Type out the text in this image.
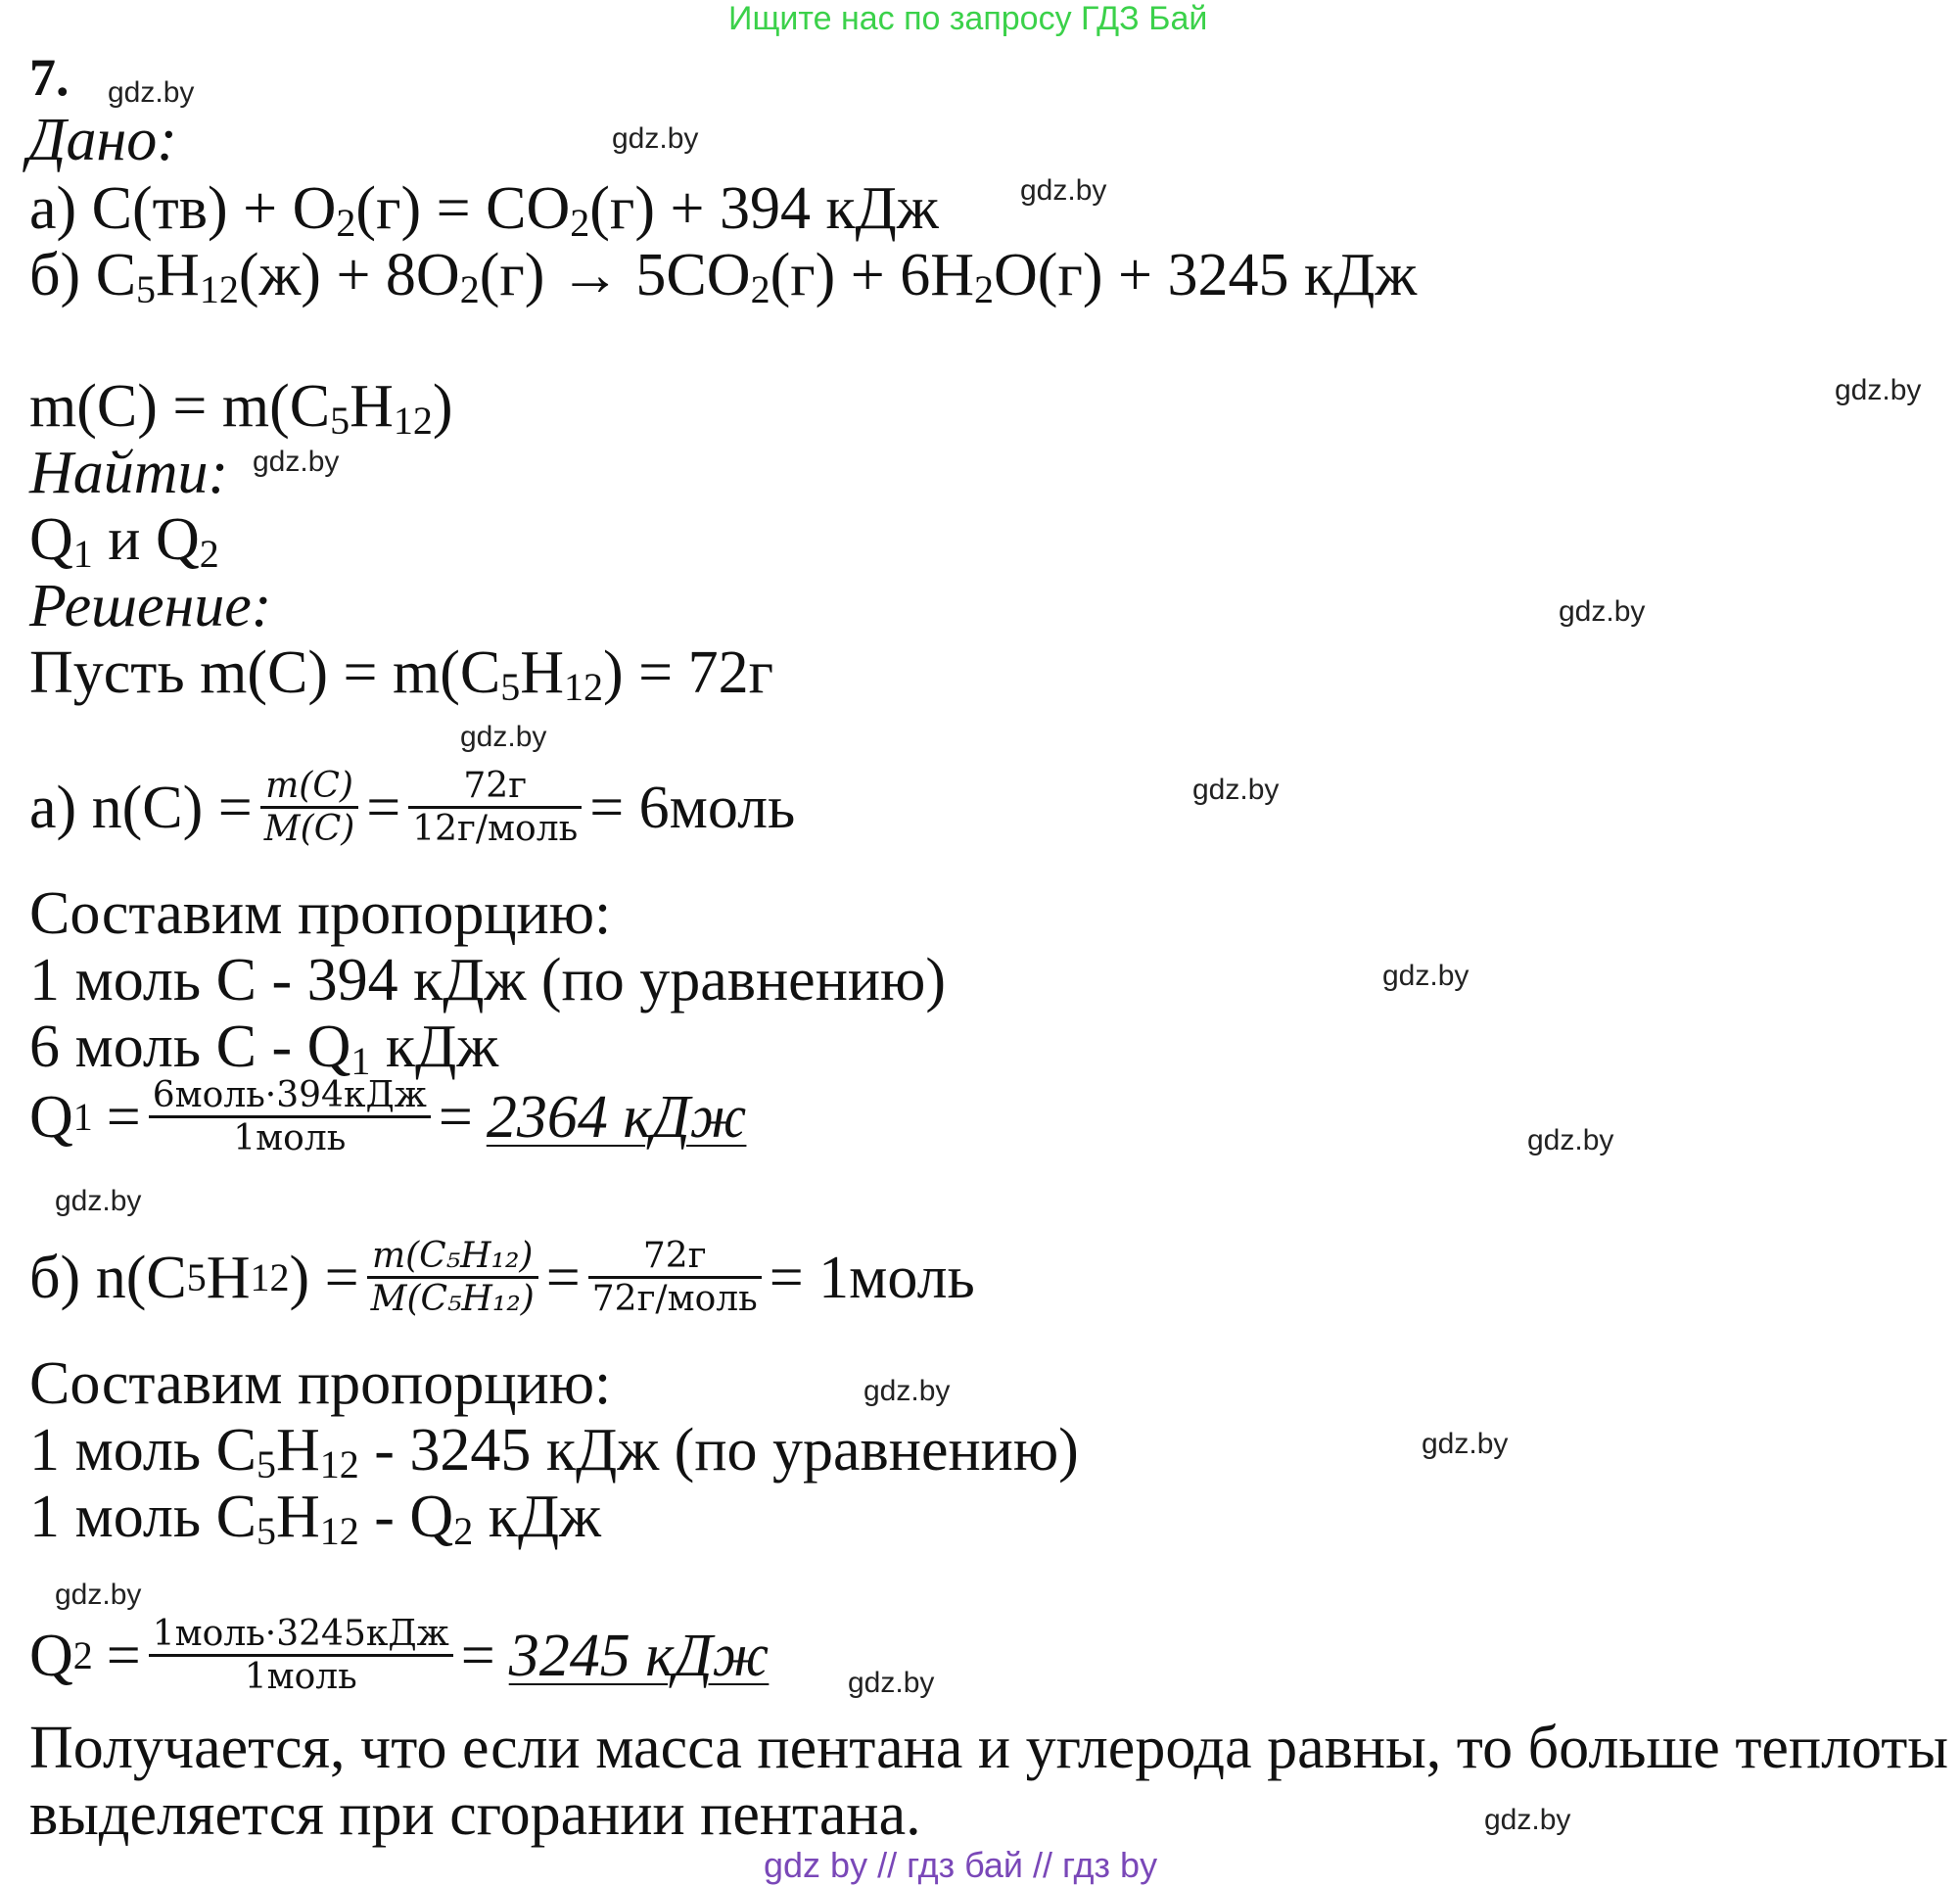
Ищите нас по запросу ГДЗ Бай
7. gdz.by
gdz.by
gdz.by
gdz.by
gdz.by
gdz.by
gdz.by
gdz.by
gdz.by
gdz.by
gdz.by
gdz.by
gdz.by
gdz.by
gdz.by
gdz.by
Дано:
а) $C(тв) + O_2(г) = CO_2(г) + 394$ кДж
б) $C_5H_{12}(ж) + 8O_2(г) \to 5CO_2(г) + 6H_2O(г) + 3245$ кДж
$m(C) = m(C_5H_{12})$
Найти:
$Q_1$ и $Q_2$
Решение:
Пусть $m(C) = m(C_5H_{12}) = 72г$
а) $n(C) = \frac{m(C)}{M(C)} = \frac{72г}{\text{12г/моль}}$ = 6моль
Составим пропорцию:
1 моль C - 394 кДж (по уравнению)
6 моль C - $Q_1$ кДж
Q $1 = \frac{\text{6моль·394кДж}}{\text{1моль}} = 2364$ кДж
б) n(C 5 H 12 ) = $\frac{\text{m(C₅H₁₂)}}{\text{M(C₅H₁₂)}} = \frac{72г}{\text{72г/моль}}$ = 1моль
Составим пропорцию:
1 моль $C_5H_{12} - 3245$ кДж (по уравнению)
1 моль $C_5H_{12} - Q_2$ кДж
Q $2 = \frac{\text{1моль·3245кДж}}{\text{1моль}} = 3245$ кДж
Получается, что если масса пентана и углерода равны, то больше теплоты
выделяется при сгорании пентана.
gdz by // гдз бай // гдз by
